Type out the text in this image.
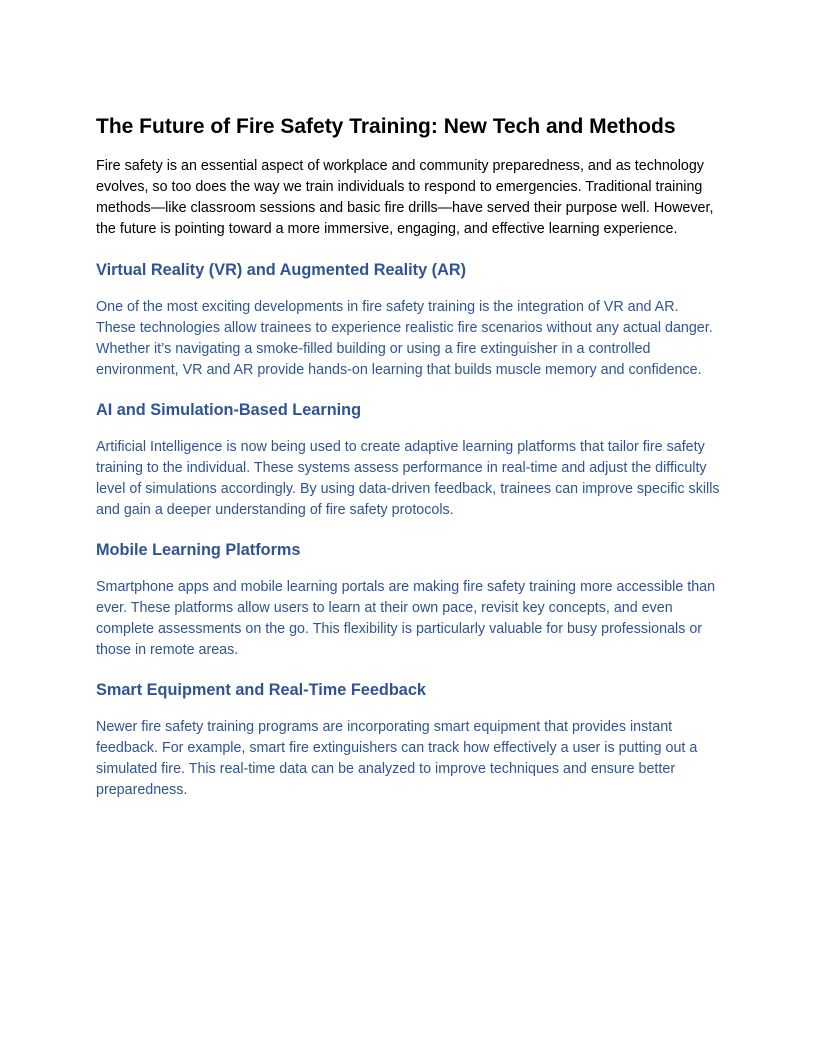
The Future of Fire Safety Training: New Tech and Methods

Fire safety is an essential aspect of workplace and community preparedness, and as technology evolves, so too does the way we train individuals to respond to emergencies. Traditional training methods—like classroom sessions and basic fire drills—have served their purpose well. However, the future is pointing toward a more immersive, engaging, and effective learning experience.

Virtual Reality (VR) and Augmented Reality (AR)

One of the most exciting developments in fire safety training is the integration of VR and AR. These technologies allow trainees to experience realistic fire scenarios without any actual danger. Whether it’s navigating a smoke-filled building or using a fire extinguisher in a controlled environment, VR and AR provide hands-on learning that builds muscle memory and confidence.

AI and Simulation-Based Learning

Artificial Intelligence is now being used to create adaptive learning platforms that tailor fire safety training to the individual. These systems assess performance in real-time and adjust the difficulty level of simulations accordingly. By using data-driven feedback, trainees can improve specific skills and gain a deeper understanding of fire safety protocols.

Mobile Learning Platforms

Smartphone apps and mobile learning portals are making fire safety training more accessible than ever. These platforms allow users to learn at their own pace, revisit key concepts, and even complete assessments on the go. This flexibility is particularly valuable for busy professionals or those in remote areas.

Smart Equipment and Real-Time Feedback

Newer fire safety training programs are incorporating smart equipment that provides instant feedback. For example, smart fire extinguishers can track how effectively a user is putting out a simulated fire. This real-time data can be analyzed to improve techniques and ensure better preparedness.
